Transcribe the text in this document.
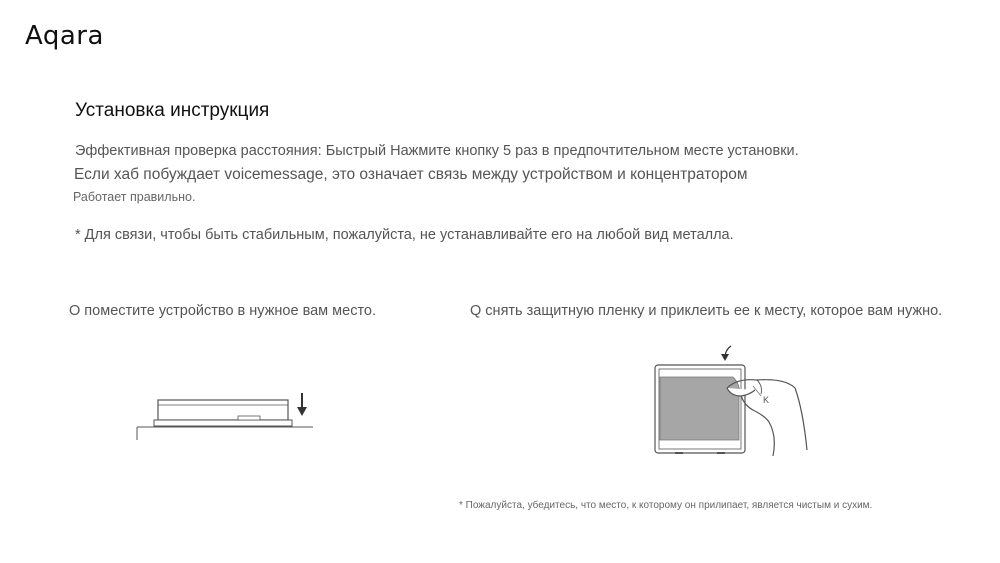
Aqara
Установка инструкция
Эффективная проверка расстояния: Быстрый Нажмите кнопку 5 раз в предпочтительном месте установки.
Если хаб побуждает voicemessage, это означает связь между устройством и концентратором
Работает правильно.
* Для связи, чтобы быть стабильным, пожалуйста, не устанавливайте его на любой вид металла.
O поместите устройство в нужное вам место.	Q снять защитную пленку и приклеить ее к месту, которое вам нужно.
K
* Пожалуйста, убедитесь, что место, к которому он прилипает, является чистым и сухим.
